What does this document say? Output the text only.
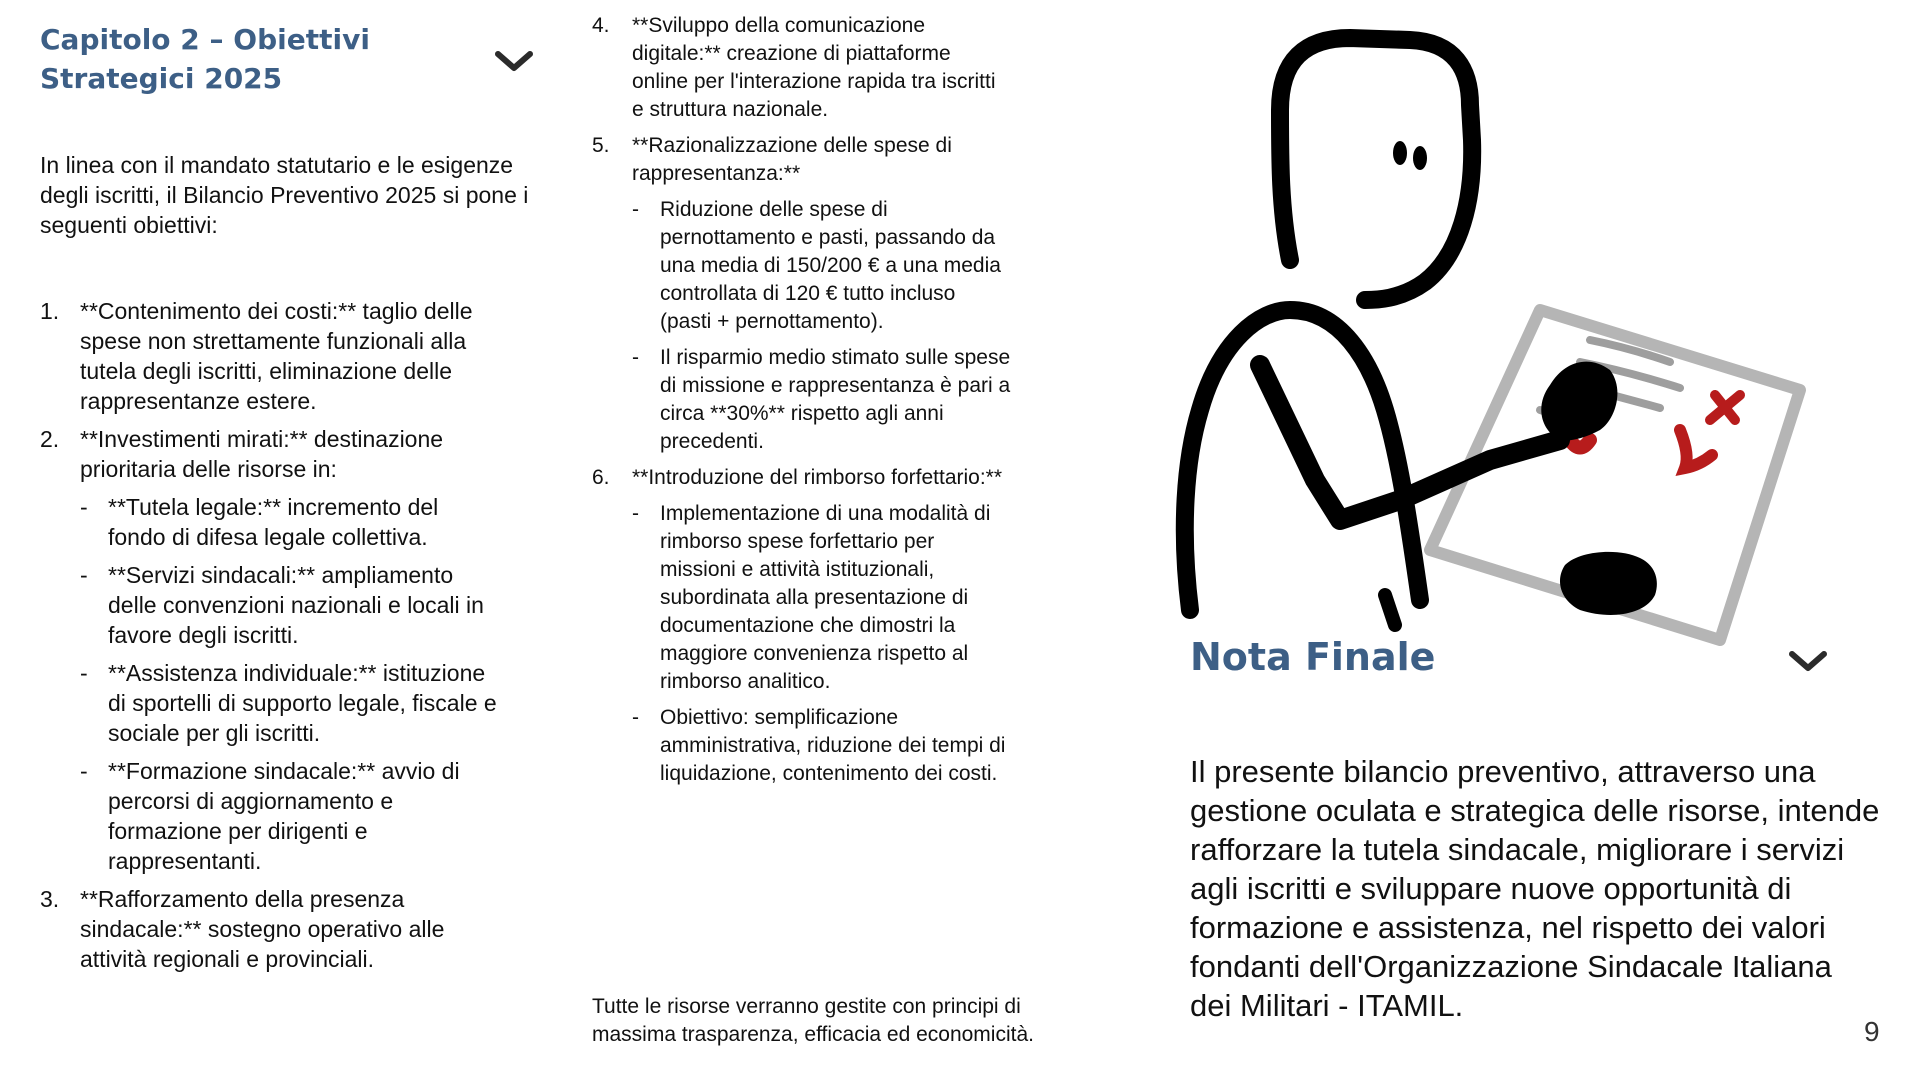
Capitolo 2 – Obiettivi Strategici 2025

In linea con il mandato statutario e le esigenze degli iscritti, il Bilancio Preventivo 2025 si pone i seguenti obiettivi:

1. **Contenimento dei costi:** taglio delle spese non strettamente funzionali alla tutela degli iscritti, eliminazione delle rappresentanze estere.
2. **Investimenti mirati:** destinazione prioritaria delle risorse in:
- **Tutela legale:** incremento del fondo di difesa legale collettiva.
- **Servizi sindacali:** ampliamento delle convenzioni nazionali e locali in favore degli iscritti.
- **Assistenza individuale:** istituzione di sportelli di supporto legale, fiscale e sociale per gli iscritti.
- **Formazione sindacale:** avvio di percorsi di aggiornamento e formazione per dirigenti e rappresentanti.
3. **Rafforzamento della presenza sindacale:** sostegno operativo alle attività regionali e provinciali.
4. **Sviluppo della comunicazione digitale:** creazione di piattaforme online per l'interazione rapida tra iscritti e struttura nazionale.
5. **Razionalizzazione delle spese di rappresentanza:**
- Riduzione delle spese di pernottamento e pasti, passando da una media di 150/200 € a una media controllata di 120 € tutto incluso (pasti + pernottamento).
- Il risparmio medio stimato sulle spese di missione e rappresentanza è pari a circa **30%** rispetto agli anni precedenti.
6. **Introduzione del rimborso forfettario:**
- Implementazione di una modalità di rimborso spese forfettario per missioni e attività istituzionali, subordinata alla presentazione di documentazione che dimostri la maggiore convenienza rispetto al rimborso analitico.
- Obiettivo: semplificazione amministrativa, riduzione dei tempi di liquidazione, contenimento dei costi.

Tutte le risorse verranno gestite con principi di massima trasparenza, efficacia ed economicità.

Nota Finale

Il presente bilancio preventivo, attraverso una gestione oculata e strategica delle risorse, intende rafforzare la tutela sindacale, migliorare i servizi agli iscritti e sviluppare nuove opportunità di formazione e assistenza, nel rispetto dei valori fondanti dell'Organizzazione Sindacale Italiana dei Militari - ITAMIL.

9
